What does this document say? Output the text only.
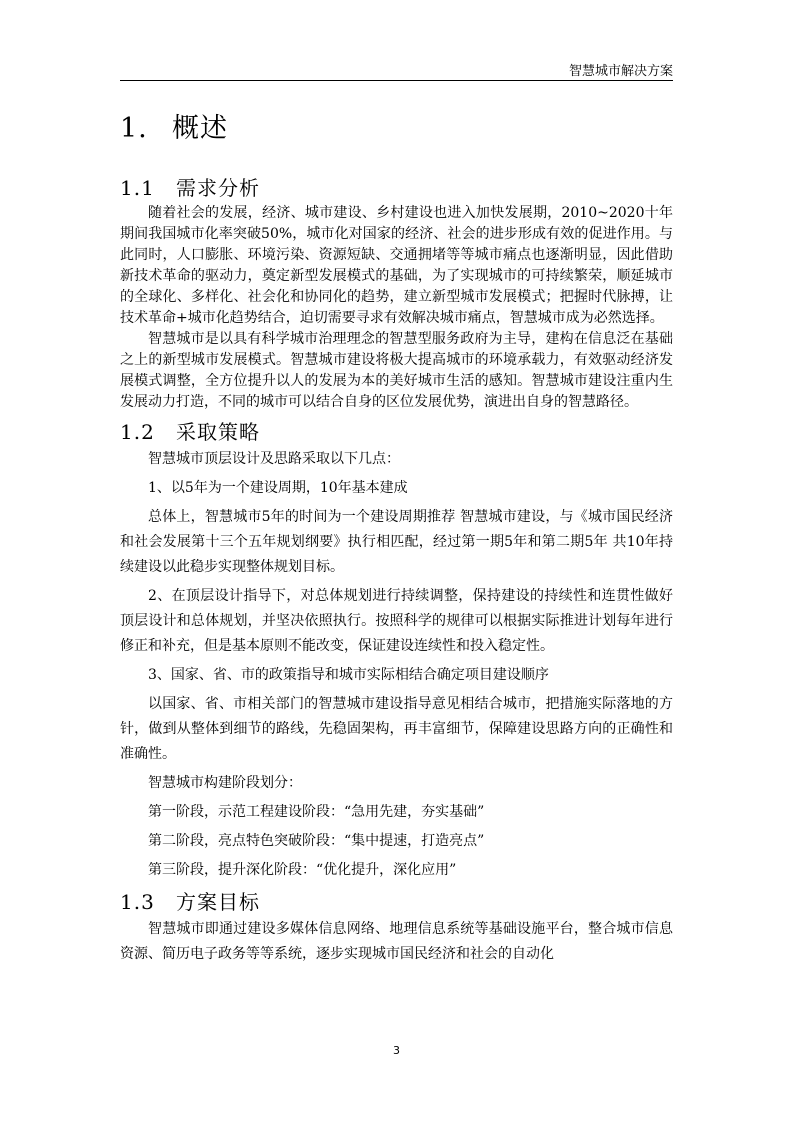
智慧城市解决方案
1. 概述
1.1 需求分析

随着社会的发展，经济、城市建设、乡村建设也进入加快发展期，2010~2020十年期间我国城市化率突破50%，城市化对国家的经济、社会的进步形成有效的促进作用。与此同时，人口膨胀、环境污染、资源短缺、交通拥堵等等城市痛点也逐渐明显，因此借助新技术革命的驱动力，奠定新型发展模式的基础，为了实现城市的可持续繁荣，顺延城市的全球化、多样化、社会化和协同化的趋势，建立新型城市发展模式；把握时代脉搏，让技术革命+城市化趋势结合，迫切需要寻求有效解决城市痛点，智慧城市成为必然选择。

智慧城市是以具有科学城市治理理念的智慧型服务政府为主导，建构在信息泛在基础之上的新型城市发展模式。智慧城市建设将极大提高城市的环境承载力，有效驱动经济发展模式调整，全方位提升以人的发展为本的美好城市生活的感知。智慧城市建设注重内生发展动力打造，不同的城市可以结合自身的区位发展优势，演进出自身的智慧路径。

1.2 采取策略

智慧城市顶层设计及思路采取以下几点：

1、以5年为一个建设周期，10年基本建成

总体上，智慧城市5年的时间为一个建设周期推荐 智慧城市建设，与《城市国民经济和社会发展第十三个五年规划纲要》执行相匹配，经过第一期5年和第二期5年 共10年持续建设以此稳步实现整体规划目标。

2、在顶层设计指导下，对总体规划进行持续调整，保持建设的持续性和连贯性做好顶层设计和总体规划，并坚决依照执行。按照科学的规律可以根据实际推进计划每年进行修正和补充，但是基本原则不能改变，保证建设连续性和投入稳定性。

3、国家、省、市的政策指导和城市实际相结合确定项目建设顺序

以国家、省、市相关部门的智慧城市建设指导意见相结合城市，把措施实际落地的方针，做到从整体到细节的路线，先稳固架构，再丰富细节，保障建设思路方向的正确性和准确性。

智慧城市构建阶段划分：

第一阶段，示范工程建设阶段：“急用先建，夯实基础”

第二阶段，亮点特色突破阶段：“集中提速，打造亮点”

第三阶段，提升深化阶段：“优化提升，深化应用”

1.3 方案目标

智慧城市即通过建设多媒体信息网络、地理信息系统等基础设施平台，整合城市信息资源、简历电子政务等等系统，逐步实现城市国民经济和社会的自动化

3
